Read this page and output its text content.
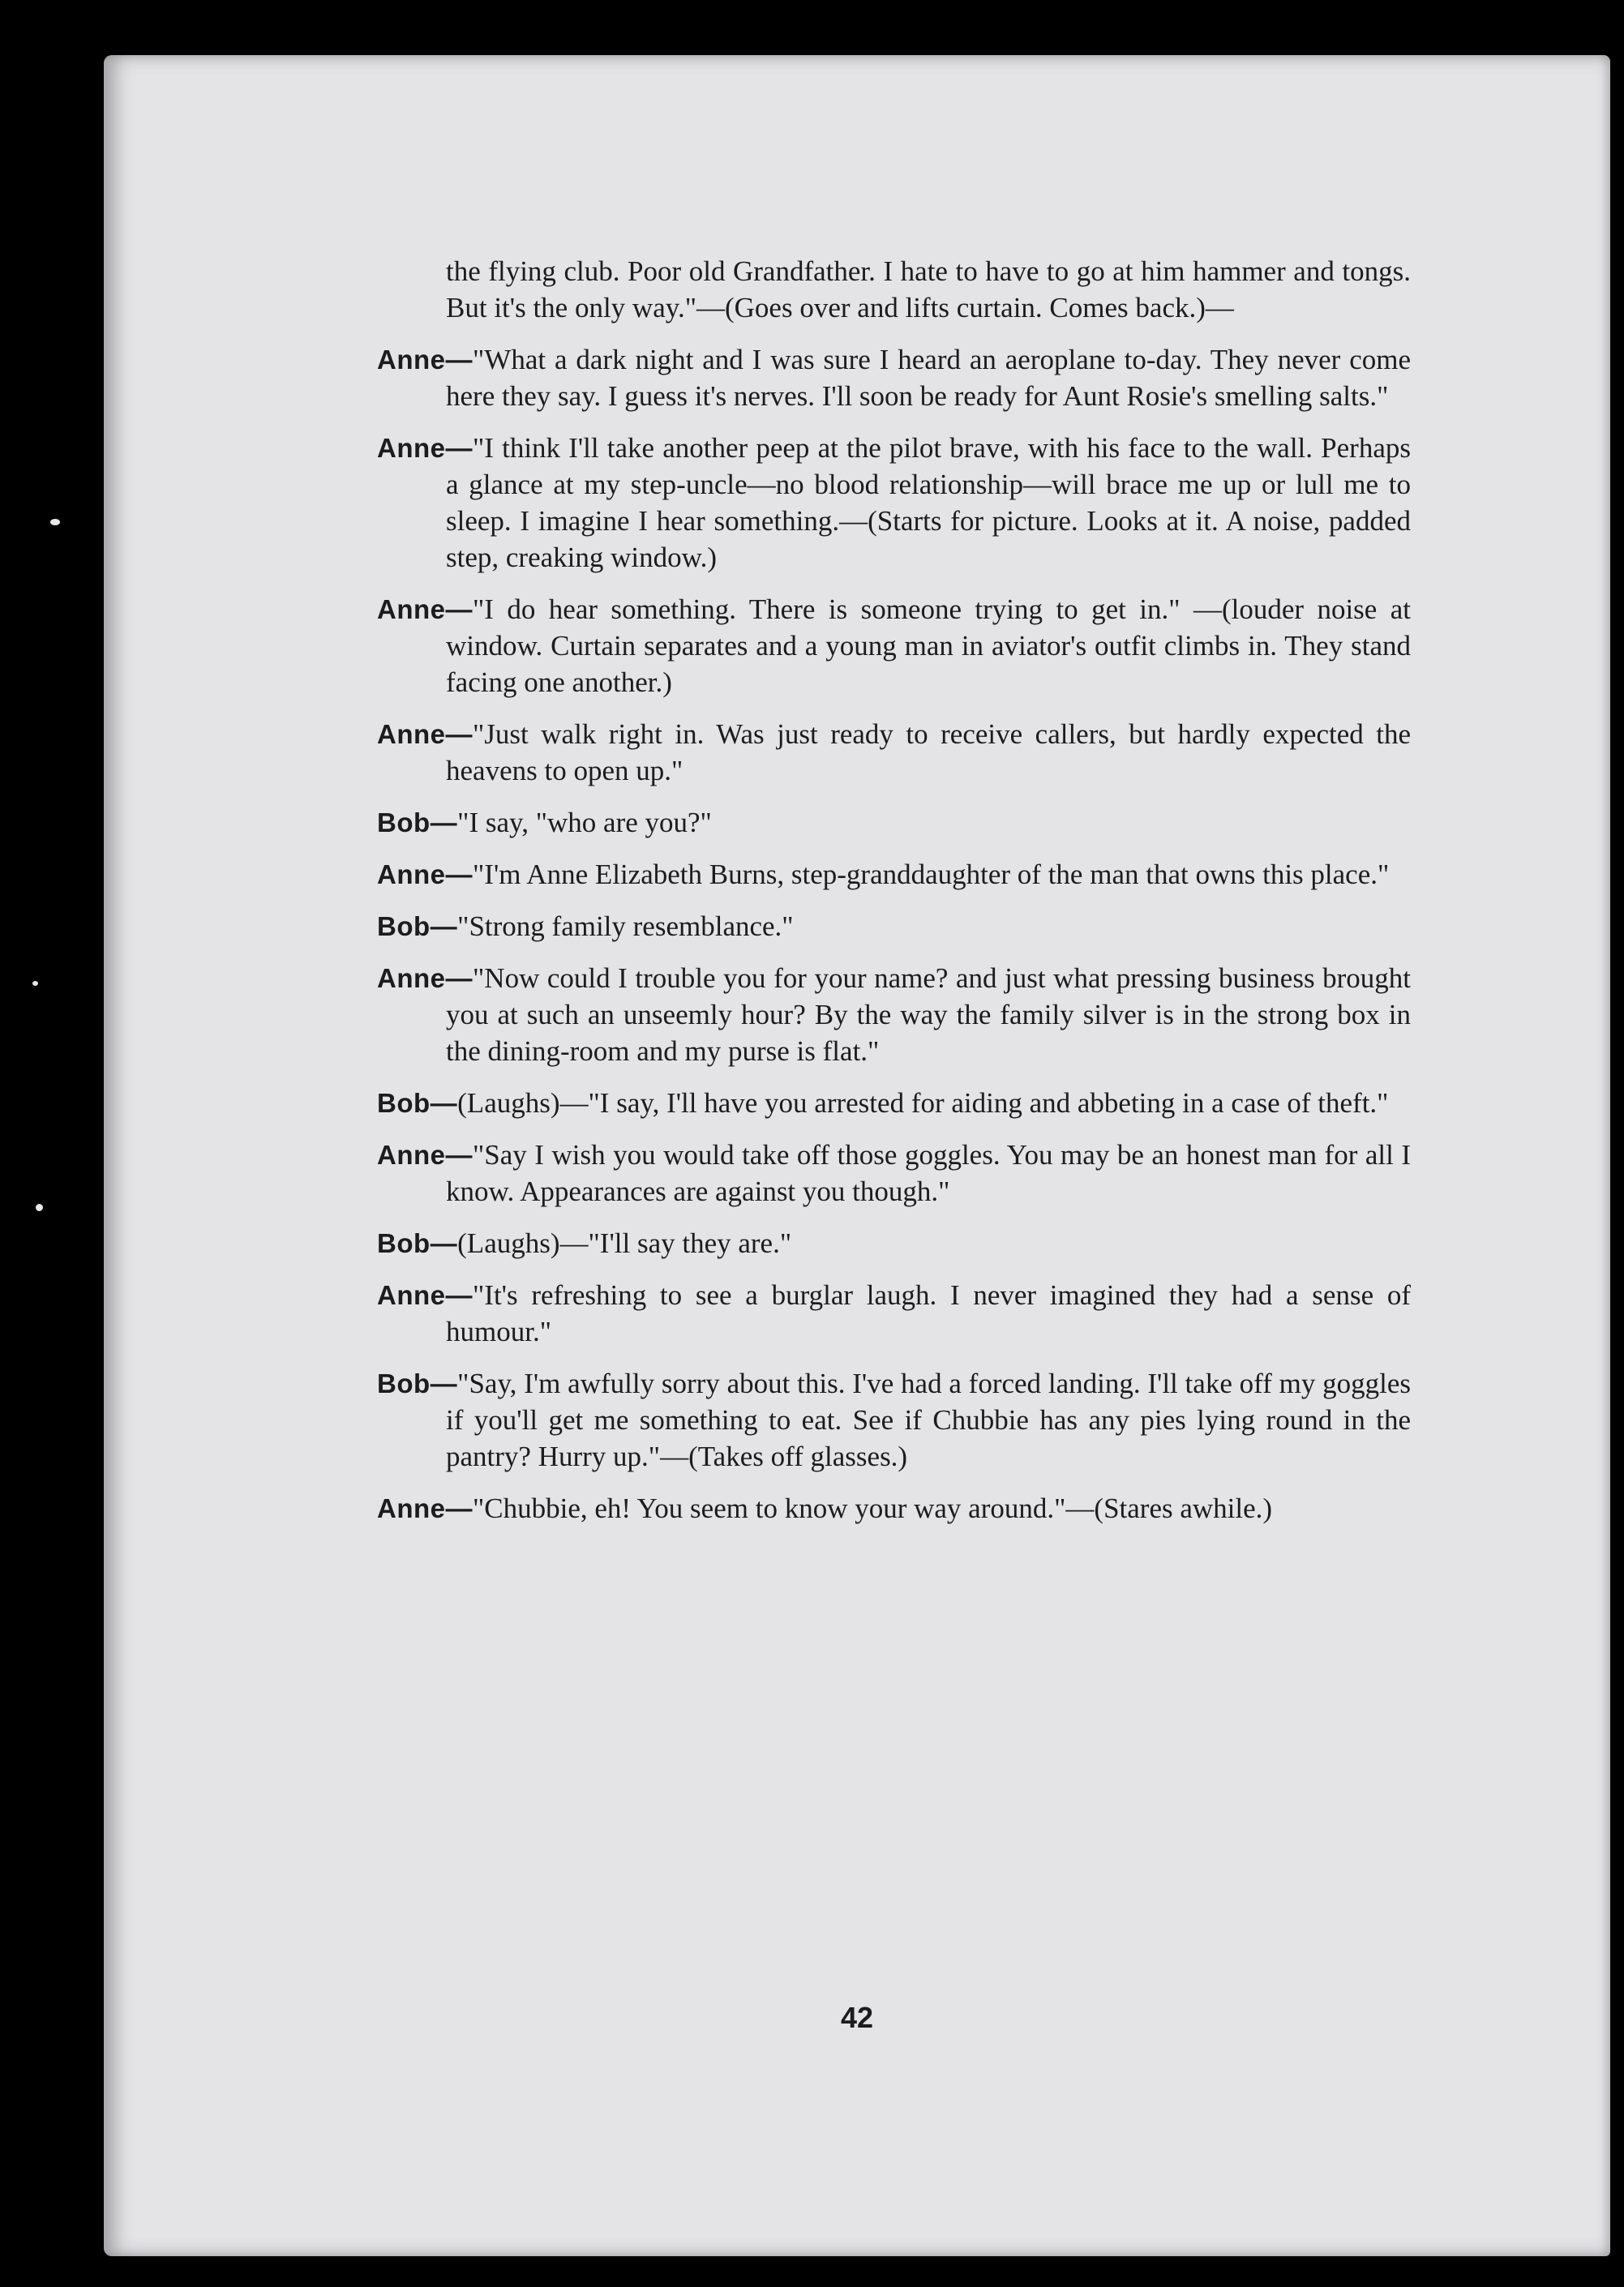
42

the flying club. Poor old Grandfather. I hate to have to go at him hammer and tongs. But it's the only way."—(Goes over and lifts curtain. Comes back.)—

Anne—"What a dark night and I was sure I heard an aeroplane to-day. They never come here they say. I guess it's nerves. I'll soon be ready for Aunt Rosie's smelling salts."

Anne—"I think I'll take another peep at the pilot brave, with his face to the wall. Perhaps a glance at my step-uncle—no blood relationship—will brace me up or lull me to sleep. I imagine I hear something.—(Starts for picture. Looks at it. A noise, padded step, creaking window.)

Anne—"I do hear something. There is someone trying to get in." —(louder noise at window. Curtain separates and a young man in aviator's outfit climbs in. They stand facing one another.)

Anne—"Just walk right in. Was just ready to receive callers, but hardly expected the heavens to open up."

Bob—"I say, "who are you?"

Anne—"I'm Anne Elizabeth Burns, step-granddaughter of the man that owns this place."

Bob—"Strong family resemblance."

Anne—"Now could I trouble you for your name? and just what pressing business brought you at such an unseemly hour? By the way the family silver is in the strong box in the dining-room and my purse is flat."

Bob—(Laughs)—"I say, I'll have you arrested for aiding and abbeting in a case of theft."

Anne—"Say I wish you would take off those goggles. You may be an honest man for all I know. Appearances are against you though."

Bob—(Laughs)—"I'll say they are."

Anne—"It's refreshing to see a burglar laugh. I never imagined they had a sense of humour."

Bob—"Say, I'm awfully sorry about this. I've had a forced landing. I'll take off my goggles if you'll get me something to eat. See if Chubbie has any pies lying round in the pantry? Hurry up."—(Takes off glasses.)

Anne—"Chubbie, eh! You seem to know your way around."—(Stares awhile.)
